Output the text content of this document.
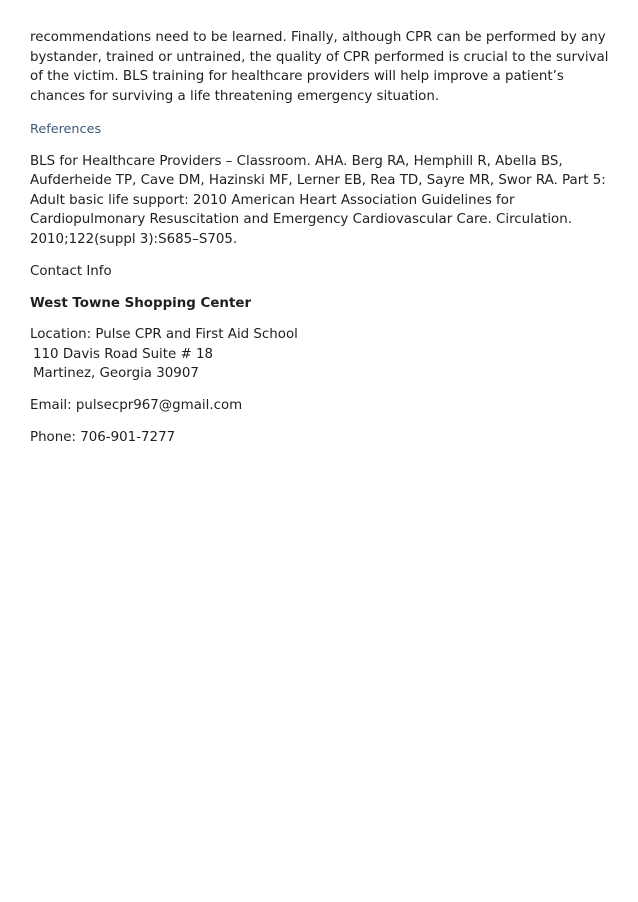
recommendations need to be learned. Finally, although CPR can be performed by any bystander, trained or untrained, the quality of CPR performed is crucial to the survival of the victim. BLS training for healthcare providers will help improve a patient’s chances for surviving a life threatening emergency situation.

References

BLS for Healthcare Providers – Classroom. AHA. Berg RA, Hemphill R, Abella BS, Aufderheide TP, Cave DM, Hazinski MF, Lerner EB, Rea TD, Sayre MR, Swor RA. Part 5: Adult basic life support: 2010 American Heart Association Guidelines for Cardiopulmonary Resuscitation and Emergency Cardiovascular Care. Circulation. 2010;122(suppl 3):S685–S705.

Contact Info

West Towne Shopping Center

Location: Pulse CPR and First Aid School
110 Davis Road Suite # 18
Martinez, Georgia 30907

Email: pulsecpr967@gmail.com

Phone: 706-901-7277
